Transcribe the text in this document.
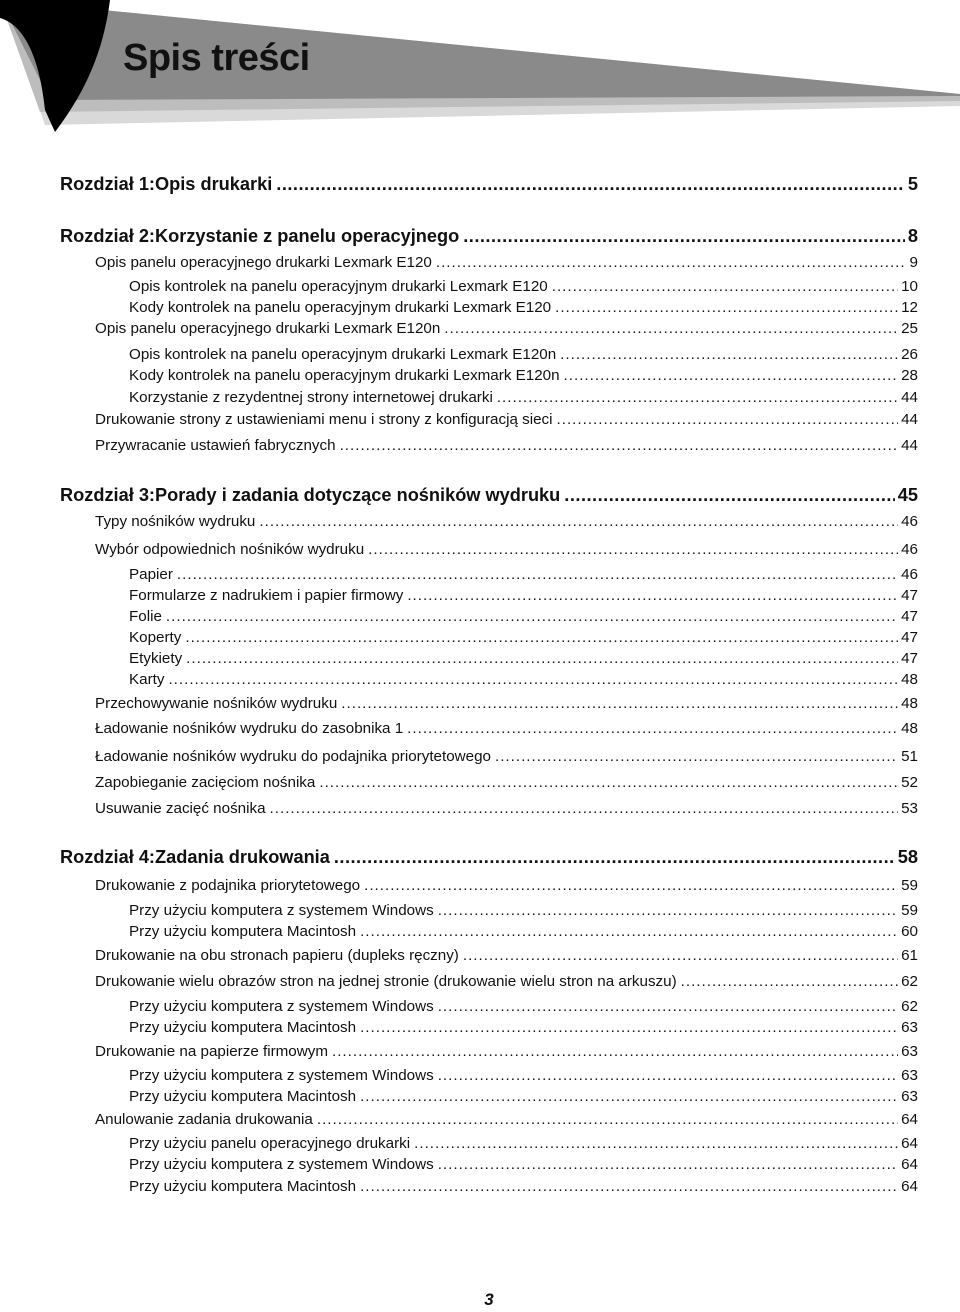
Spis treści
Rozdział 1: Opis drukarki .....	5
Rozdział 2: Korzystanie z panelu operacyjnego .....	8
Opis panelu operacyjnego drukarki Lexmark E120 .....	9
Opis kontrolek na panelu operacyjnym drukarki Lexmark E120 .....	10
Kody kontrolek na panelu operacyjnym drukarki Lexmark E120 .....	12
Opis panelu operacyjnego drukarki Lexmark E120n .....	25
Opis kontrolek na panelu operacyjnym drukarki Lexmark E120n .....	26
Kody kontrolek na panelu operacyjnym drukarki Lexmark E120n .....	28
Korzystanie z rezydentnej strony internetowej drukarki .....	44
Drukowanie strony z ustawieniami menu i strony z konfiguracją sieci .....	44
Przywracanie ustawień fabrycznych .....	44
Rozdział 3: Porady i zadania dotyczące nośników wydruku .....	45
Typy nośników wydruku .....	46
Wybór odpowiednich nośników wydruku .....	46
Papier .....	46
Formularze z nadrukiem i papier firmowy .....	47
Folie .....	47
Koperty .....	47
Etykiety .....	47
Karty .....	48
Przechowywanie nośników wydruku .....	48
Ładowanie nośników wydruku do zasobnika 1 .....	48
Ładowanie nośników wydruku do podajnika priorytetowego .....	51
Zapobieganie zacięciom nośnika .....	52
Usuwanie zacięć nośnika .....	53
Rozdział 4: Zadania drukowania .....	58
Drukowanie z podajnika priorytetowego .....	59
Przy użyciu komputera z systemem Windows .....	59
Przy użyciu komputera Macintosh .....	60
Drukowanie na obu stronach papieru (dupleks ręczny) .....	61
Drukowanie wielu obrazów stron na jednej stronie (drukowanie wielu stron na arkuszu) .....	62
Przy użyciu komputera z systemem Windows .....	62
Przy użyciu komputera Macintosh .....	63
Drukowanie na papierze firmowym .....	63
Przy użyciu komputera z systemem Windows .....	63
Przy użyciu komputera Macintosh .....	63
Anulowanie zadania drukowania .....	64
Przy użyciu panelu operacyjnego drukarki .....	64
Przy użyciu komputera z systemem Windows .....	64
Przy użyciu komputera Macintosh .....	64
3
